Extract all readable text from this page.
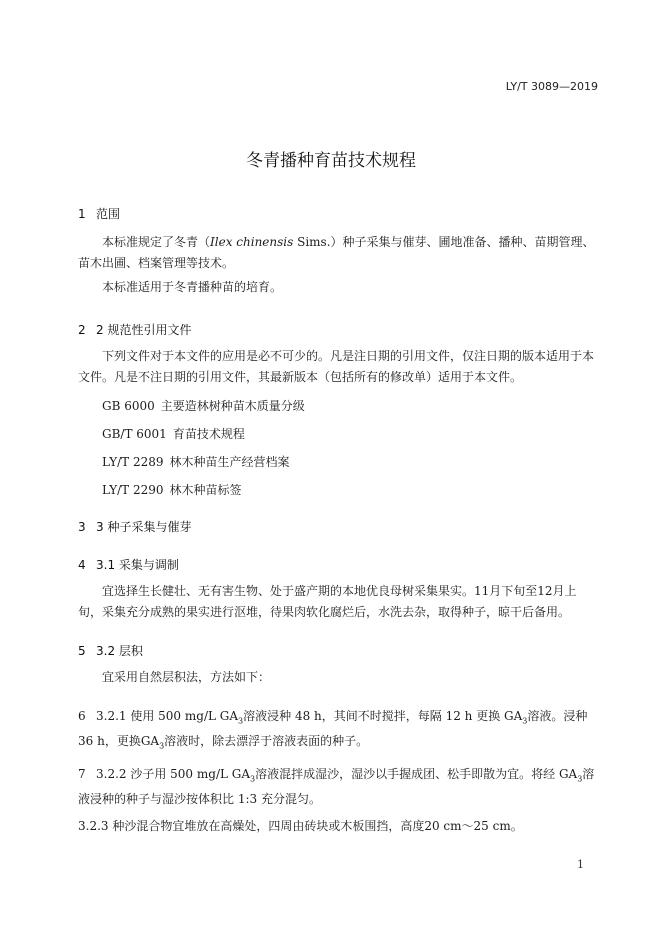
LY/T 3089—2019
冬青播种育苗技术规程
1 范围

本标准规定了冬青（Ilex chinensis Sims.）种子采集与催芽、圃地准备、播种、苗期管理、苗木出圃、档案管理等技术。

本标准适用于冬青播种苗的培育。

2 2 规范性引用文件

下列文件对于本文件的应用是必不可少的。凡是注日期的引用文件，仅注日期的版本适用于本文件。凡是不注日期的引用文件，其最新版本（包括所有的修改单）适用于本文件。

GB 6000 主要造林树种苗木质量分级
GB/T 6001 育苗技术规程
LY/T 2289 林木种苗生产经营档案
LY/T 2290 林木种苗标签
3 3 种子采集与催芽
4 3.1 采集与调制

宜选择生长健壮、无有害生物、处于盛产期的本地优良母树采集果实。11月下旬至12月上旬，采集充分成熟的果实进行沤堆，待果肉软化腐烂后，水洗去杂，取得种子，晾干后备用。

5 3.2 层积

宜采用自然层积法，方法如下：

6 3.2.1 使用 500 mg/L $GA_3$溶液浸种 48 h，其间不时搅拌，每隔 12 h 更换 $GA_3$溶液。浸种 36 h，更换$GA_3$溶液时，除去漂浮于溶液表面的种子。

7 3.2.2 沙子用 500 mg/L $GA_3$溶液混拌成湿沙，湿沙以手握成团、松手即散为宜。将经 $GA_3$溶液浸种的种子与湿沙按体积比 1:3 充分混匀。

3.2.3 种沙混合物宜堆放在高燥处，四周由砖块或木板围挡，高度20 cm～25 cm。

1
